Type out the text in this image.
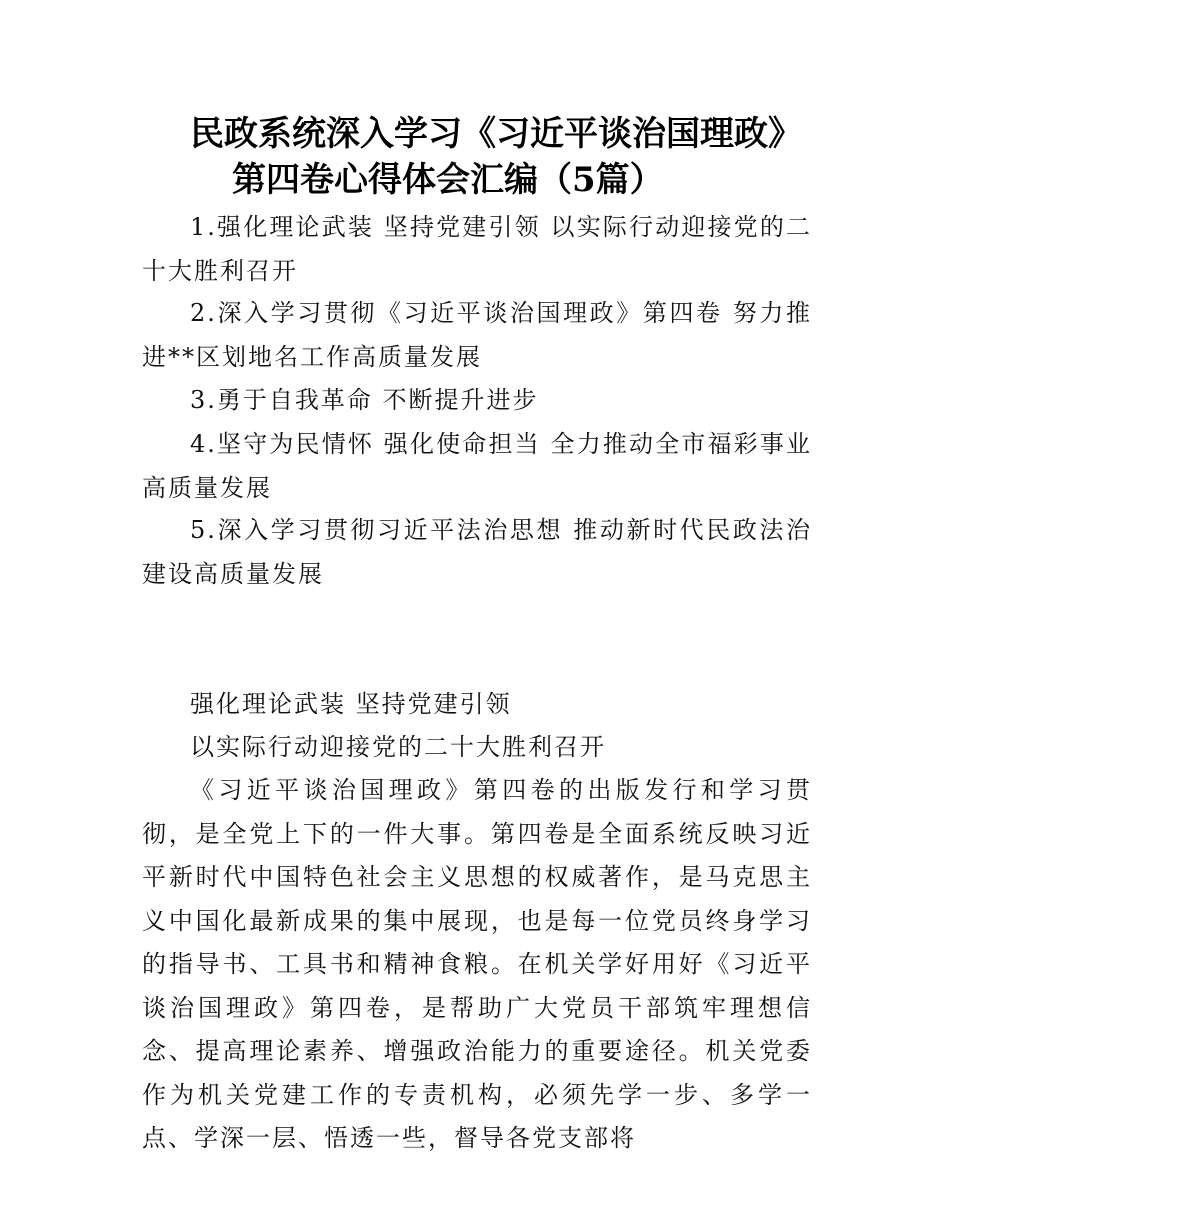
民政系统深入学习《习近平谈治国理政》
第四卷心得体会汇编（5篇）

1.强化理论武装 坚持党建引领 以实际行动迎接党的二十大胜利召开

2.深入学习贯彻《习近平谈治国理政》第四卷 努力推进**区划地名工作高质量发展

3.勇于自我革命 不断提升进步

4.坚守为民情怀 强化使命担当 全力推动全市福彩事业高质量发展

5.深入学习贯彻习近平法治思想 推动新时代民政法治建设高质量发展

强化理论武装 坚持党建引领

以实际行动迎接党的二十大胜利召开

《习近平谈治国理政》第四卷的出版发行和学习贯彻，是全党上下的一件大事。第四卷是全面系统反映习近平新时代中国特色社会主义思想的权威著作，是马克思主义中国化最新成果的集中展现，也是每一位党员终身学习的指导书、工具书和精神食粮。在机关学好用好《习近平谈治国理政》第四卷，是帮助广大党员干部筑牢理想信念、提高理论素养、增强政治能力的重要途径。机关党委作为机关党建工作的专责机构，必须先学一步、多学一点、学深一层、悟透一些，督导各党支部将
